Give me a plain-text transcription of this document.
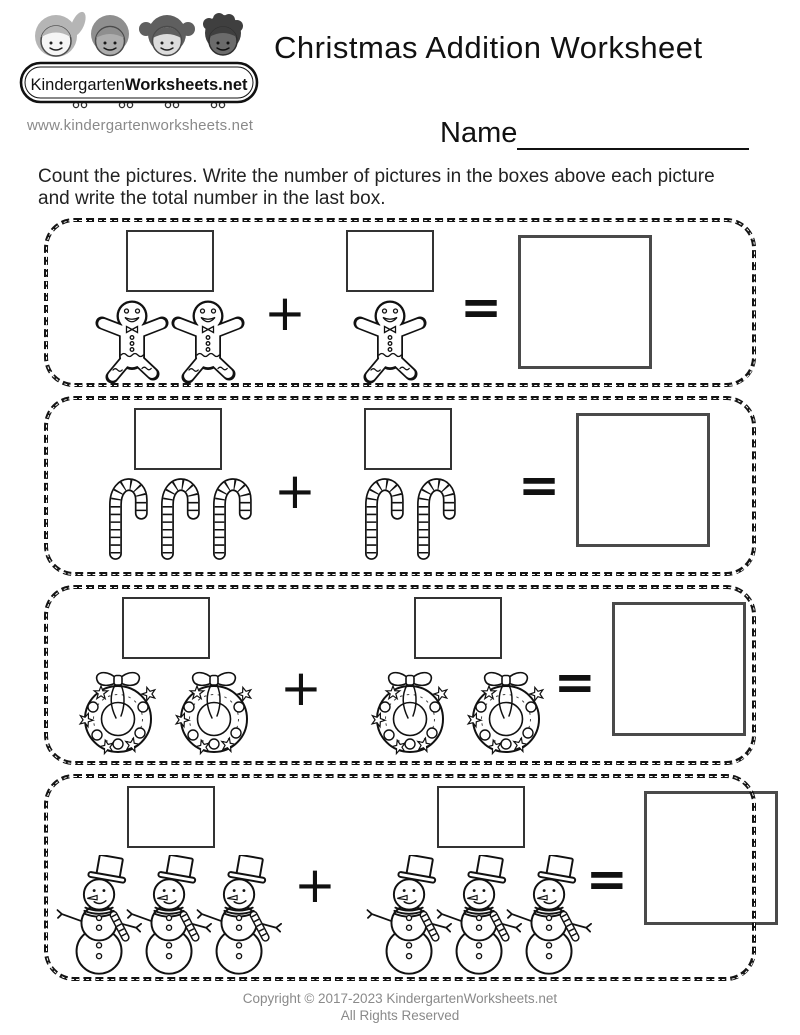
KindergartenWorksheets.net
www.kindergartenworksheets.net
Christmas Addition Worksheet
Name
Count the pictures. Write the number of pictures in the boxes above each picture
and write the total number in the last box.
+	=
+	=
+	=
+	=
Copyright © 2017-2023 KindergartenWorksheets.net
All Rights Reserved
